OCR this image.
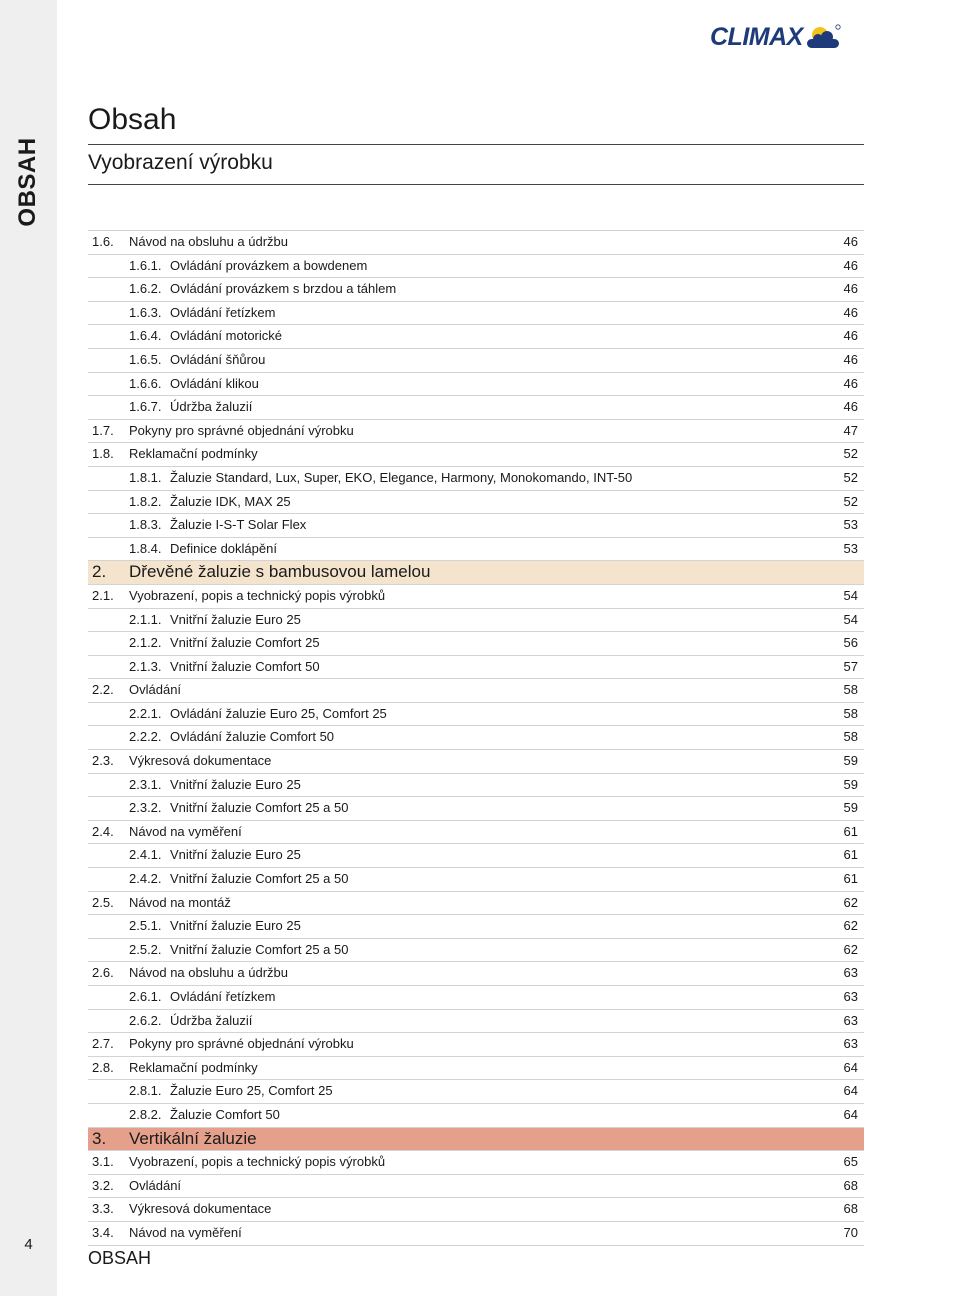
OBSAH
4
CLIMAX
Obsah
Vyobrazení výrobku
1.6. Návod na obsluhu a údržbu	46
1.6.1. Ovládání provázkem a bowdenem	46
1.6.2. Ovládání provázkem s brzdou a táhlem	46
1.6.3. Ovládání řetízkem	46
1.6.4. Ovládání motorické	46
1.6.5. Ovládání šňůrou	46
1.6.6. Ovládání klikou	46
1.6.7. Údržba žaluzií	46
1.7. Pokyny pro správné objednání výrobku	47
1.8. Reklamační podmínky	52
1.8.1. Žaluzie Standard, Lux, Super, EKO, Elegance, Harmony, Monokomando, INT-50	52
1.8.2. Žaluzie IDK, MAX 25	52
1.8.3. Žaluzie I-S-T Solar Flex	53
1.8.4. Definice doklápění	53
2. Dřevěné žaluzie s bambusovou lamelou
2.1. Vyobrazení, popis a technický popis výrobků	54
2.1.1. Vnitřní žaluzie Euro 25	54
2.1.2. Vnitřní žaluzie Comfort 25	56
2.1.3. Vnitřní žaluzie Comfort 50	57
2.2. Ovládání	58
2.2.1. Ovládání žaluzie Euro 25, Comfort 25	58
2.2.2. Ovládání žaluzie Comfort 50	58
2.3. Výkresová dokumentace	59
2.3.1. Vnitřní žaluzie Euro 25	59
2.3.2. Vnitřní žaluzie Comfort 25 a 50	59
2.4. Návod na vyměření	61
2.4.1. Vnitřní žaluzie Euro 25	61
2.4.2. Vnitřní žaluzie Comfort 25 a 50	61
2.5. Návod na montáž	62
2.5.1. Vnitřní žaluzie Euro 25	62
2.5.2. Vnitřní žaluzie Comfort 25 a 50	62
2.6. Návod na obsluhu a údržbu	63
2.6.1. Ovládání řetízkem	63
2.6.2. Údržba žaluzií	63
2.7. Pokyny pro správné objednání výrobku	63
2.8. Reklamační podmínky	64
2.8.1. Žaluzie Euro 25, Comfort 25	64
2.8.2. Žaluzie Comfort 50	64
3. Vertikální žaluzie
3.1. Vyobrazení, popis a technický popis výrobků	65
3.2. Ovládání	68
3.3. Výkresová dokumentace	68
3.4. Návod na vyměření	70
OBSAH
